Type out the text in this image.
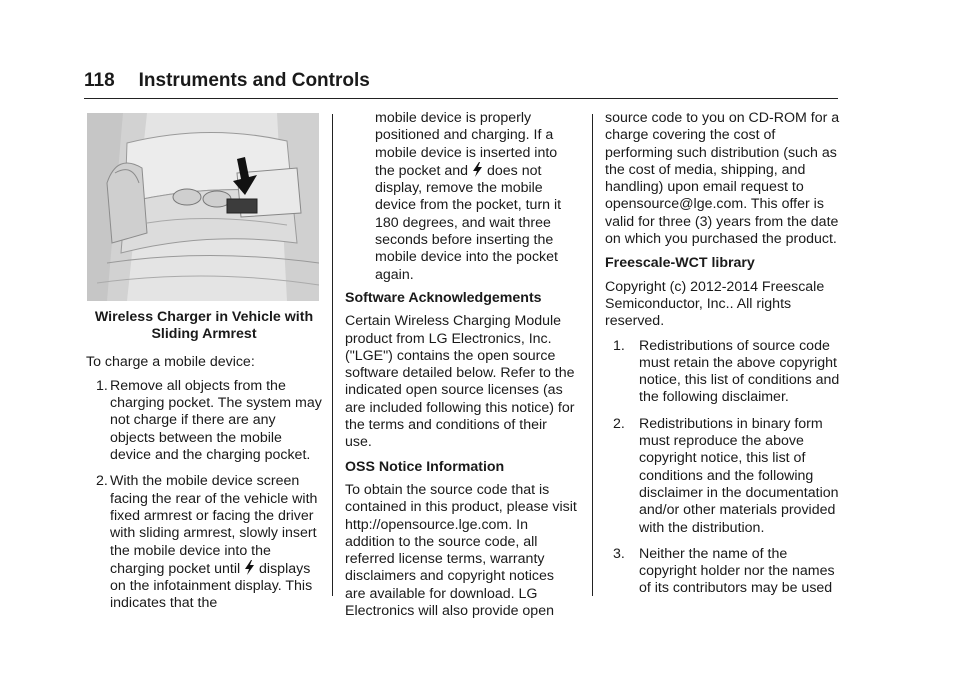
118 Instruments and Controls
Wireless Charger in Vehicle with Sliding Armrest

To charge a mobile device:

1. Remove all objects from the charging pocket. The system may not charge if there are any objects between the mobile device and the charging pocket.
2. With the mobile device screen facing the rear of the vehicle with fixed armrest or facing the driver with sliding armrest, slowly insert the mobile device into the charging pocket until displays on the infotainment display. This indicates that the
mobile device is properly positioned and charging. If a mobile device is inserted into the pocket and does not display, remove the mobile device from the pocket, turn it 180 degrees, and wait three seconds before inserting the mobile device into the pocket again.
Software Acknowledgements

Certain Wireless Charging Module product from LG Electronics, Inc. ("LGE") contains the open source software detailed below. Refer to the indicated open source licenses (as are included following this notice) for the terms and conditions of their use.

OSS Notice Information

To obtain the source code that is contained in this product, please visit http://opensource.lge.com. In addition to the source code, all referred license terms, warranty disclaimers and copyright notices are available for download. LG Electronics will also provide open

source code to you on CD-ROM for a charge covering the cost of performing such distribution (such as the cost of media, shipping, and handling) upon email request to opensource@lge.com. This offer is valid for three (3) years from the date on which you purchased the product.

Freescale-WCT library

Copyright (c) 2012-2014 Freescale Semiconductor, Inc.. All rights reserved.

1. Redistributions of source code must retain the above copyright notice, this list of conditions and the following disclaimer.
2. Redistributions in binary form must reproduce the above copyright notice, this list of conditions and the following disclaimer in the documentation and/or other materials provided with the distribution.
3. Neither the name of the copyright holder nor the names of its contributors may be used
